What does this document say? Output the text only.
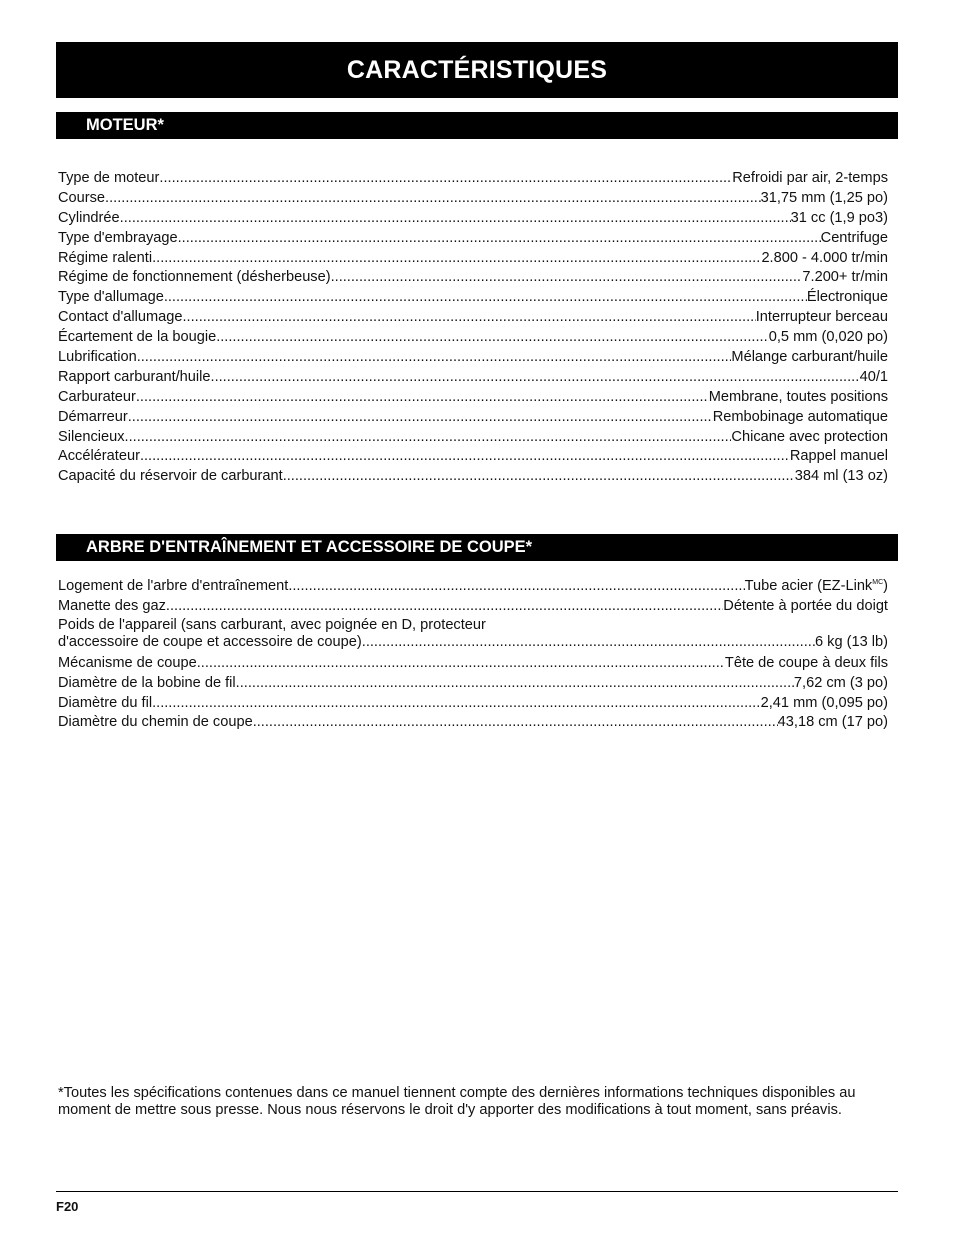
CARACTÉRISTIQUES
MOTEUR*
Type de moteur .....	Refroidi par air, 2-temps
Course .....	31,75 mm (1,25 po)
Cylindrée .....	31 cc (1,9 po3)
Type d'embrayage .....	Centrifuge
Régime ralenti .....	2.800 - 4.000 tr/min
Régime de fonctionnement (désherbeuse) .....	7.200+ tr/min
Type d'allumage .....	Électronique
Contact d'allumage .....	Interrupteur berceau
Écartement de la bougie .....	0,5 mm (0,020 po)
Lubrification .....	Mélange carburant/huile
Rapport carburant/huile .....	40/1
Carburateur .....	Membrane, toutes positions
Démarreur .....	Rembobinage automatique
Silencieux .....	Chicane avec protection
Accélérateur .....	Rappel manuel
Capacité du réservoir de carburant .....	384 ml (13 oz)
ARBRE D'ENTRAÎNEMENT ET ACCESSOIRE DE COUPE*
Logement de l'arbre d'entraînement .....	Tube acier (EZ-Link$^{MC}$)
Manette des gaz .....	Détente à portée du doigt
Poids de l'appareil (sans carburant, avec poignée en D, protecteur
d'accessoire de coupe et accessoire de coupe) .....	6 kg (13 lb)
Mécanisme de coupe .....	Tête de coupe à deux fils
Diamètre de la bobine de fil .....	7,62 cm (3 po)
Diamètre du fil .....	2,41 mm (0,095 po)
Diamètre du chemin de coupe .....	43,18 cm (17 po)
*Toutes les spécifications contenues dans ce manuel tiennent compte des dernières informations techniques disponibles au moment de mettre sous presse. Nous nous réservons le droit d'y apporter des modifications à tout moment, sans préavis.
F20
